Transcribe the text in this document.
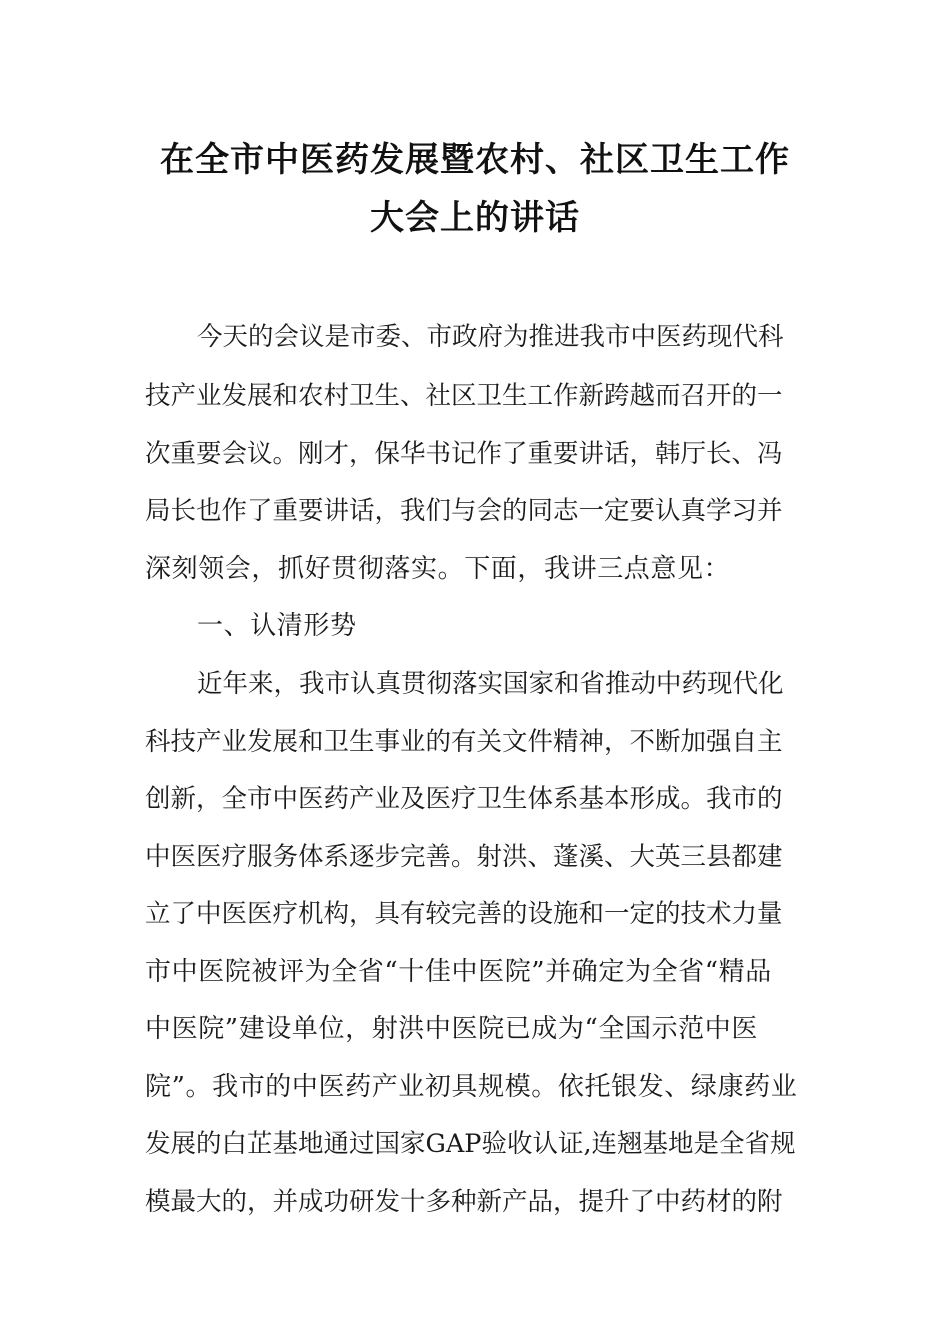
在全市中医药发展暨农村、社区卫生工作
大会上的讲话
今天的会议是市委、市政府为推进我市中医药现代科
技产业发展和农村卫生、社区卫生工作新跨越而召开的一
次重要会议。刚才，保华书记作了重要讲话，韩厅长、冯
局长也作了重要讲话，我们与会的同志一定要认真学习并
深刻领会，抓好贯彻落实。下面，我讲三点意见：
一、认清形势
近年来，我市认真贯彻落实国家和省推动中药现代化
科技产业发展和卫生事业的有关文件精神，不断加强自主
创新，全市中医药产业及医疗卫生体系基本形成。我市的
中医医疗服务体系逐步完善。射洪、蓬溪、大英三县都建
立了中医医疗机构，具有较完善的设施和一定的技术力量
市中医院被评为全省“十佳中医院”并确定为全省“精品
中医院”建设单位，射洪中医院已成为“全国示范中医
院”。我市的中医药产业初具规模。依托银发、绿康药业
发展的白芷基地通过国家GAP验收认证,连翘基地是全省规
模最大的，并成功研发十多种新产品，提升了中药材的附
